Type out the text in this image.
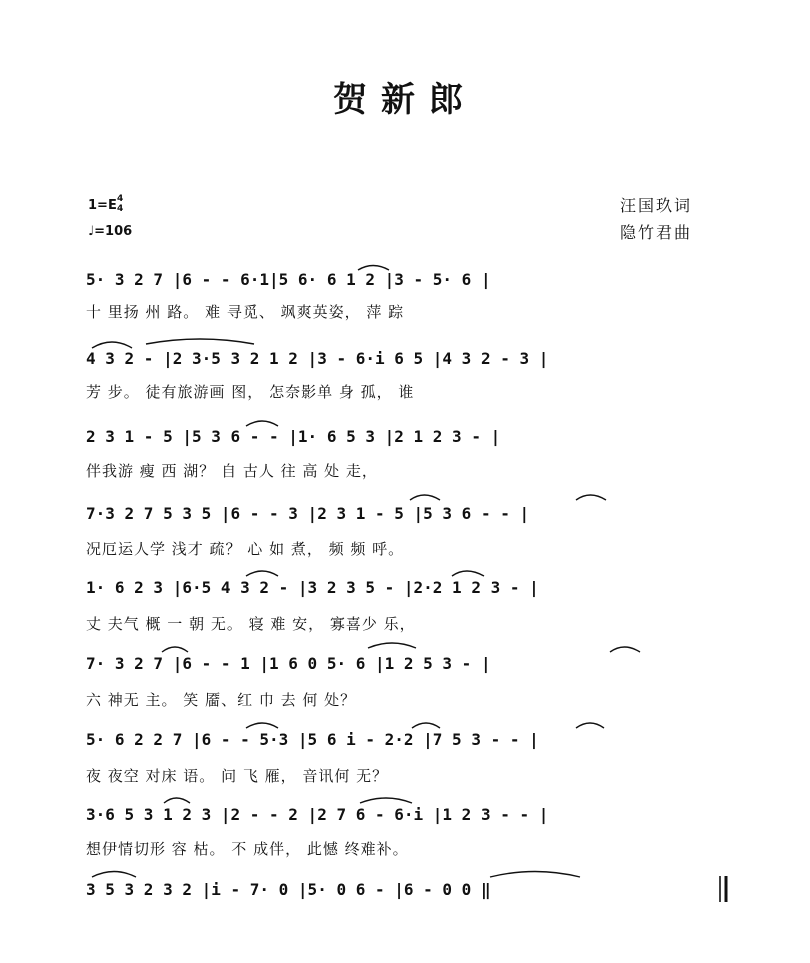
贺新郎
1=E 4
4
♩=106
汪国玖词
隐竹君曲
5· 3 2 7 |6 - - 6·1|5 6· 6 1 2 |3 - 5· 6 |
十 里扬 州 路。 难 寻觅、 飒爽英姿， 萍 踪
4 3 2 - |2 3·5 3 2 1 2 |3 - 6·i 6 5 |4 3 2 - 3 |
芳 步。 徒有旅游画 图， 怎奈影单 身 孤， 谁
2 3 1 - 5 |5 3 6 - - |1· 6 5 3 |2 1 2 3 - |
伴我游 瘦 西 湖？ 自 古人 往 高 处 走，
7·3 2 7 5 3 5 |6 - - 3 |2 3 1 - 5 |5 3 6 - - |
况厄运人学 浅才 疏？ 心 如 煮， 频 频 呼。
1· 6 2 3 |6·5 4 3 2 - |3 2 3 5 - |2·2 1 2 3 - |
丈 夫气 概 一 朝 无。 寝 难 安， 寡喜少 乐，
7· 3 2 7 |6 - - 1 |1 6 0 5· 6 |1 2 5 3 - |
六 神无 主。 笑 靥、红 巾 去 何 处？
5· 6 2 2 7 |6 - - 5·3 |5 6 i - 2·2 |7 5 3 - - |
夜 夜空 对床 语。 问 飞 雁， 音讯何 无？
3·6 5 3 1 2 3 |2 - - 2 |2 7 6 - 6·i |1 2 3 - - |
想伊情切形 容 枯。 不 成伴， 此憾 终难补。
3 5 3 2 3 2 |i - 7· 0 |5· 0 6 - |6 - 0 0 ‖
